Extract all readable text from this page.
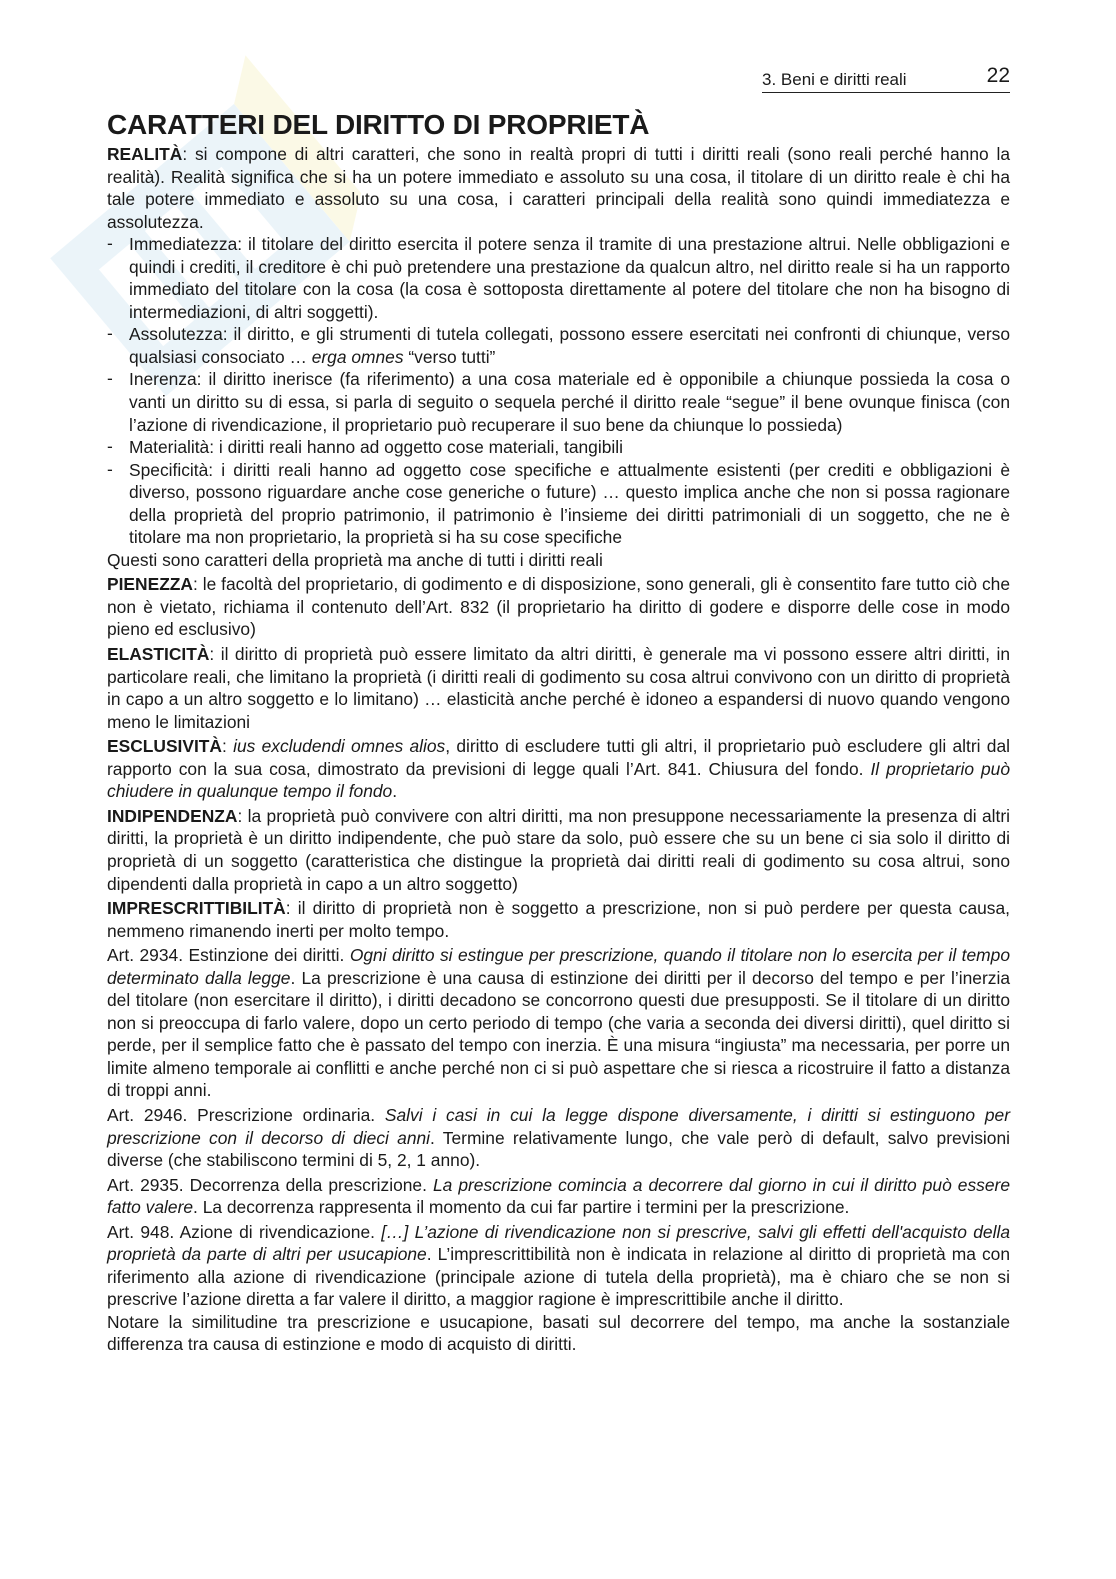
3. Beni e diritti reali	22
CARATTERI DEL DIRITTO DI PROPRIETÀ

REALITÀ: si compone di altri caratteri, che sono in realtà propri di tutti i diritti reali (sono reali perché hanno la realità). Realità significa che si ha un potere immediato e assoluto su una cosa, il titolare di un diritto reale è chi ha tale potere immediato e assoluto su una cosa, i caratteri principali della realità sono quindi immediatezza e assolutezza.

- Immediatezza: il titolare del diritto esercita il potere senza il tramite di una prestazione altrui. Nelle obbligazioni e quindi i crediti, il creditore è chi può pretendere una prestazione da qualcun altro, nel diritto reale si ha un rapporto immediato del titolare con la cosa (la cosa è sottoposta direttamente al potere del titolare che non ha bisogno di intermediazioni, di altri soggetti).
- Assolutezza: il diritto, e gli strumenti di tutela collegati, possono essere esercitati nei confronti di chiunque, verso qualsiasi consociato … erga omnes “verso tutti”
- Inerenza: il diritto inerisce (fa riferimento) a una cosa materiale ed è opponibile a chiunque possieda la cosa o vanti un diritto su di essa, si parla di seguito o sequela perché il diritto reale “segue” il bene ovunque finisca (con l’azione di rivendicazione, il proprietario può recuperare il suo bene da chiunque lo possieda)
- Materialità: i diritti reali hanno ad oggetto cose materiali, tangibili
- Specificità: i diritti reali hanno ad oggetto cose specifiche e attualmente esistenti (per crediti e obbligazioni è diverso, possono riguardare anche cose generiche o future) … questo implica anche che non si possa ragionare della proprietà del proprio patrimonio, il patrimonio è l’insieme dei diritti patrimoniali di un soggetto, che ne è titolare ma non proprietario, la proprietà si ha su cose specifiche

Questi sono caratteri della proprietà ma anche di tutti i diritti reali

PIENEZZA: le facoltà del proprietario, di godimento e di disposizione, sono generali, gli è consentito fare tutto ciò che non è vietato, richiama il contenuto dell’Art. 832 (il proprietario ha diritto di godere e disporre delle cose in modo pieno ed esclusivo)

ELASTICITÀ: il diritto di proprietà può essere limitato da altri diritti, è generale ma vi possono essere altri diritti, in particolare reali, che limitano la proprietà (i diritti reali di godimento su cosa altrui convivono con un diritto di proprietà in capo a un altro soggetto e lo limitano) … elasticità anche perché è idoneo a espandersi di nuovo quando vengono meno le limitazioni

ESCLUSIVITÀ: ius excludendi omnes alios, diritto di escludere tutti gli altri, il proprietario può escludere gli altri dal rapporto con la sua cosa, dimostrato da previsioni di legge quali l’Art. 841. Chiusura del fondo. Il proprietario può chiudere in qualunque tempo il fondo.

INDIPENDENZA: la proprietà può convivere con altri diritti, ma non presuppone necessariamente la presenza di altri diritti, la proprietà è un diritto indipendente, che può stare da solo, può essere che su un bene ci sia solo il diritto di proprietà di un soggetto (caratteristica che distingue la proprietà dai diritti reali di godimento su cosa altrui, sono dipendenti dalla proprietà in capo a un altro soggetto)

IMPRESCRITTIBILITÀ: il diritto di proprietà non è soggetto a prescrizione, non si può perdere per questa causa, nemmeno rimanendo inerti per molto tempo.

Art. 2934. Estinzione dei diritti. Ogni diritto si estingue per prescrizione, quando il titolare non lo esercita per il tempo determinato dalla legge. La prescrizione è una causa di estinzione dei diritti per il decorso del tempo e per l’inerzia del titolare (non esercitare il diritto), i diritti decadono se concorrono questi due presupposti. Se il titolare di un diritto non si preoccupa di farlo valere, dopo un certo periodo di tempo (che varia a seconda dei diversi diritti), quel diritto si perde, per il semplice fatto che è passato del tempo con inerzia. È una misura “ingiusta” ma necessaria, per porre un limite almeno temporale ai conflitti e anche perché non ci si può aspettare che si riesca a ricostruire il fatto a distanza di troppi anni.

Art. 2946. Prescrizione ordinaria. Salvi i casi in cui la legge dispone diversamente, i diritti si estinguono per prescrizione con il decorso di dieci anni. Termine relativamente lungo, che vale però di default, salvo previsioni diverse (che stabiliscono termini di 5, 2, 1 anno).

Art. 2935. Decorrenza della prescrizione. La prescrizione comincia a decorrere dal giorno in cui il diritto può essere fatto valere. La decorrenza rappresenta il momento da cui far partire i termini per la prescrizione.

Art. 948. Azione di rivendicazione. […] L’azione di rivendicazione non si prescrive, salvi gli effetti dell'acquisto della proprietà da parte di altri per usucapione. L’imprescrittibilità non è indicata in relazione al diritto di proprietà ma con riferimento alla azione di rivendicazione (principale azione di tutela della proprietà), ma è chiaro che se non si prescrive l’azione diretta a far valere il diritto, a maggior ragione è imprescrittibile anche il diritto.

Notare la similitudine tra prescrizione e usucapione, basati sul decorrere del tempo, ma anche la sostanziale differenza tra causa di estinzione e modo di acquisto di diritti.
